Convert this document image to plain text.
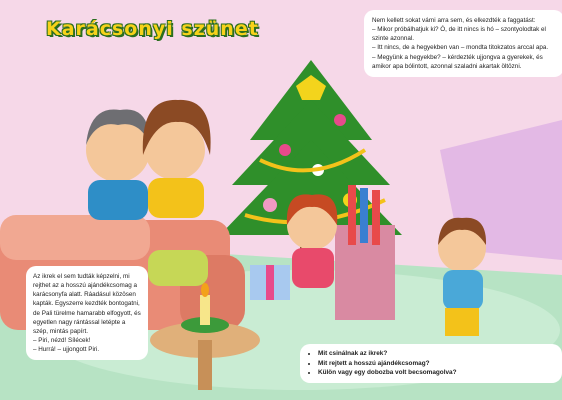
Karácsonyi szünet	Nem kellett sokat várni arra sem, és elkezdték a faggatást:

– Mikor próbálhatjuk ki? Ó, de itt nincs is hó – szontyolodtak el szinte azonnal.

– Itt nincs, de a hegyekben van – mondta titokzatos arccal apa.

– Megyünk a hegyekbe? – kérdezték ujjongva a gyerekek, és amikor apa bólintott, azonnal szaladni akartak öltözni.

Az ikrek el sem tudták képzelni, mi rejthet az a hosszú ajándékcsomag a karácsonyfa alatt. Ráadásul közösen kapták. Egyszerre kezdték bontogatni, de Pali türelme hamarabb elfogyott, és egyetlen nagy rántással letépte a szép, mintás papírt.

– Piri, nézd! Sílécek!

– Hurrá! – ujjongott Piri.

• Mit csinálnak az ikrek?
• Mit rejtett a hosszú ajándékcsomag?
• Külön vagy egy dobozba volt becsomagolva?
